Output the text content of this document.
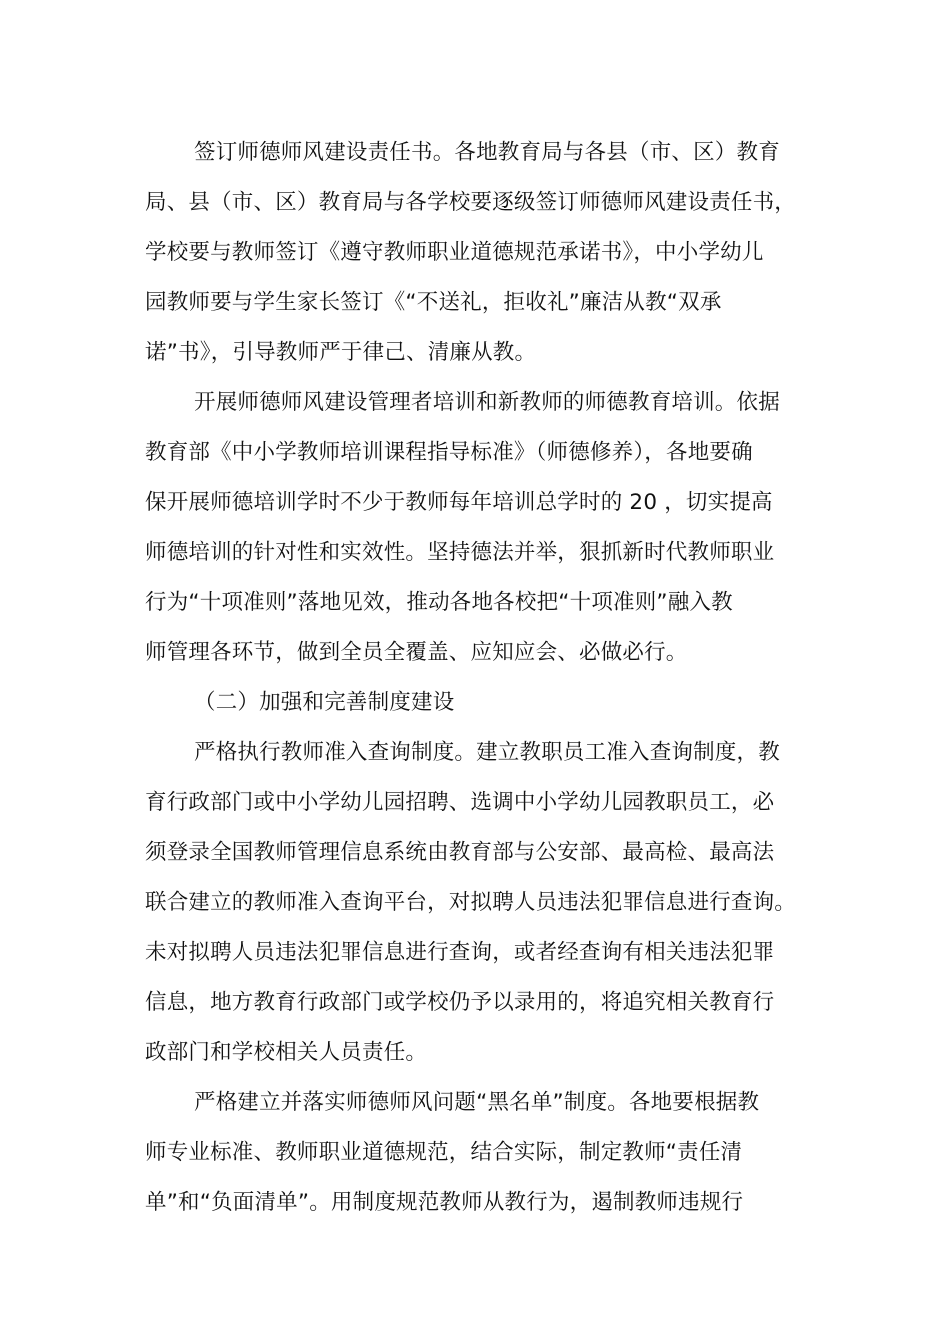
签订师德师风建设责任书。各地教育局与各县（市、区）教育
局、县（市、区）教育局与各学校要逐级签订师德师风建设责任书，
学校要与教师签订《遵守教师职业道德规范承诺书》，中小学幼儿
园教师要与学生家长签订《“不送礼，拒收礼”廉洁从教“双承
诺”书》，引导教师严于律己、清廉从教。
开展师德师风建设管理者培训和新教师的师德教育培训。依据
教育部《中小学教师培训课程指导标准》（师德修养），各地要确
保开展师德培训学时不少于教师每年培训总学时的 20 ，切实提高
师德培训的针对性和实效性。坚持德法并举，狠抓新时代教师职业
行为“十项准则”落地见效，推动各地各校把“十项准则”融入教
师管理各环节，做到全员全覆盖、应知应会、必做必行。
（二）加强和完善制度建设
严格执行教师准入查询制度。建立教职员工准入查询制度，教
育行政部门或中小学幼儿园招聘、选调中小学幼儿园教职员工，必
须登录全国教师管理信息系统由教育部与公安部、最高检、最高法
联合建立的教师准入查询平台，对拟聘人员违法犯罪信息进行查询。
未对拟聘人员违法犯罪信息进行查询，或者经查询有相关违法犯罪
信息，地方教育行政部门或学校仍予以录用的，将追究相关教育行
政部门和学校相关人员责任。
严格建立并落实师德师风问题“黑名单”制度。各地要根据教
师专业标准、教师职业道德规范，结合实际，制定教师“责任清
单”和“负面清单”。用制度规范教师从教行为，遏制教师违规行
